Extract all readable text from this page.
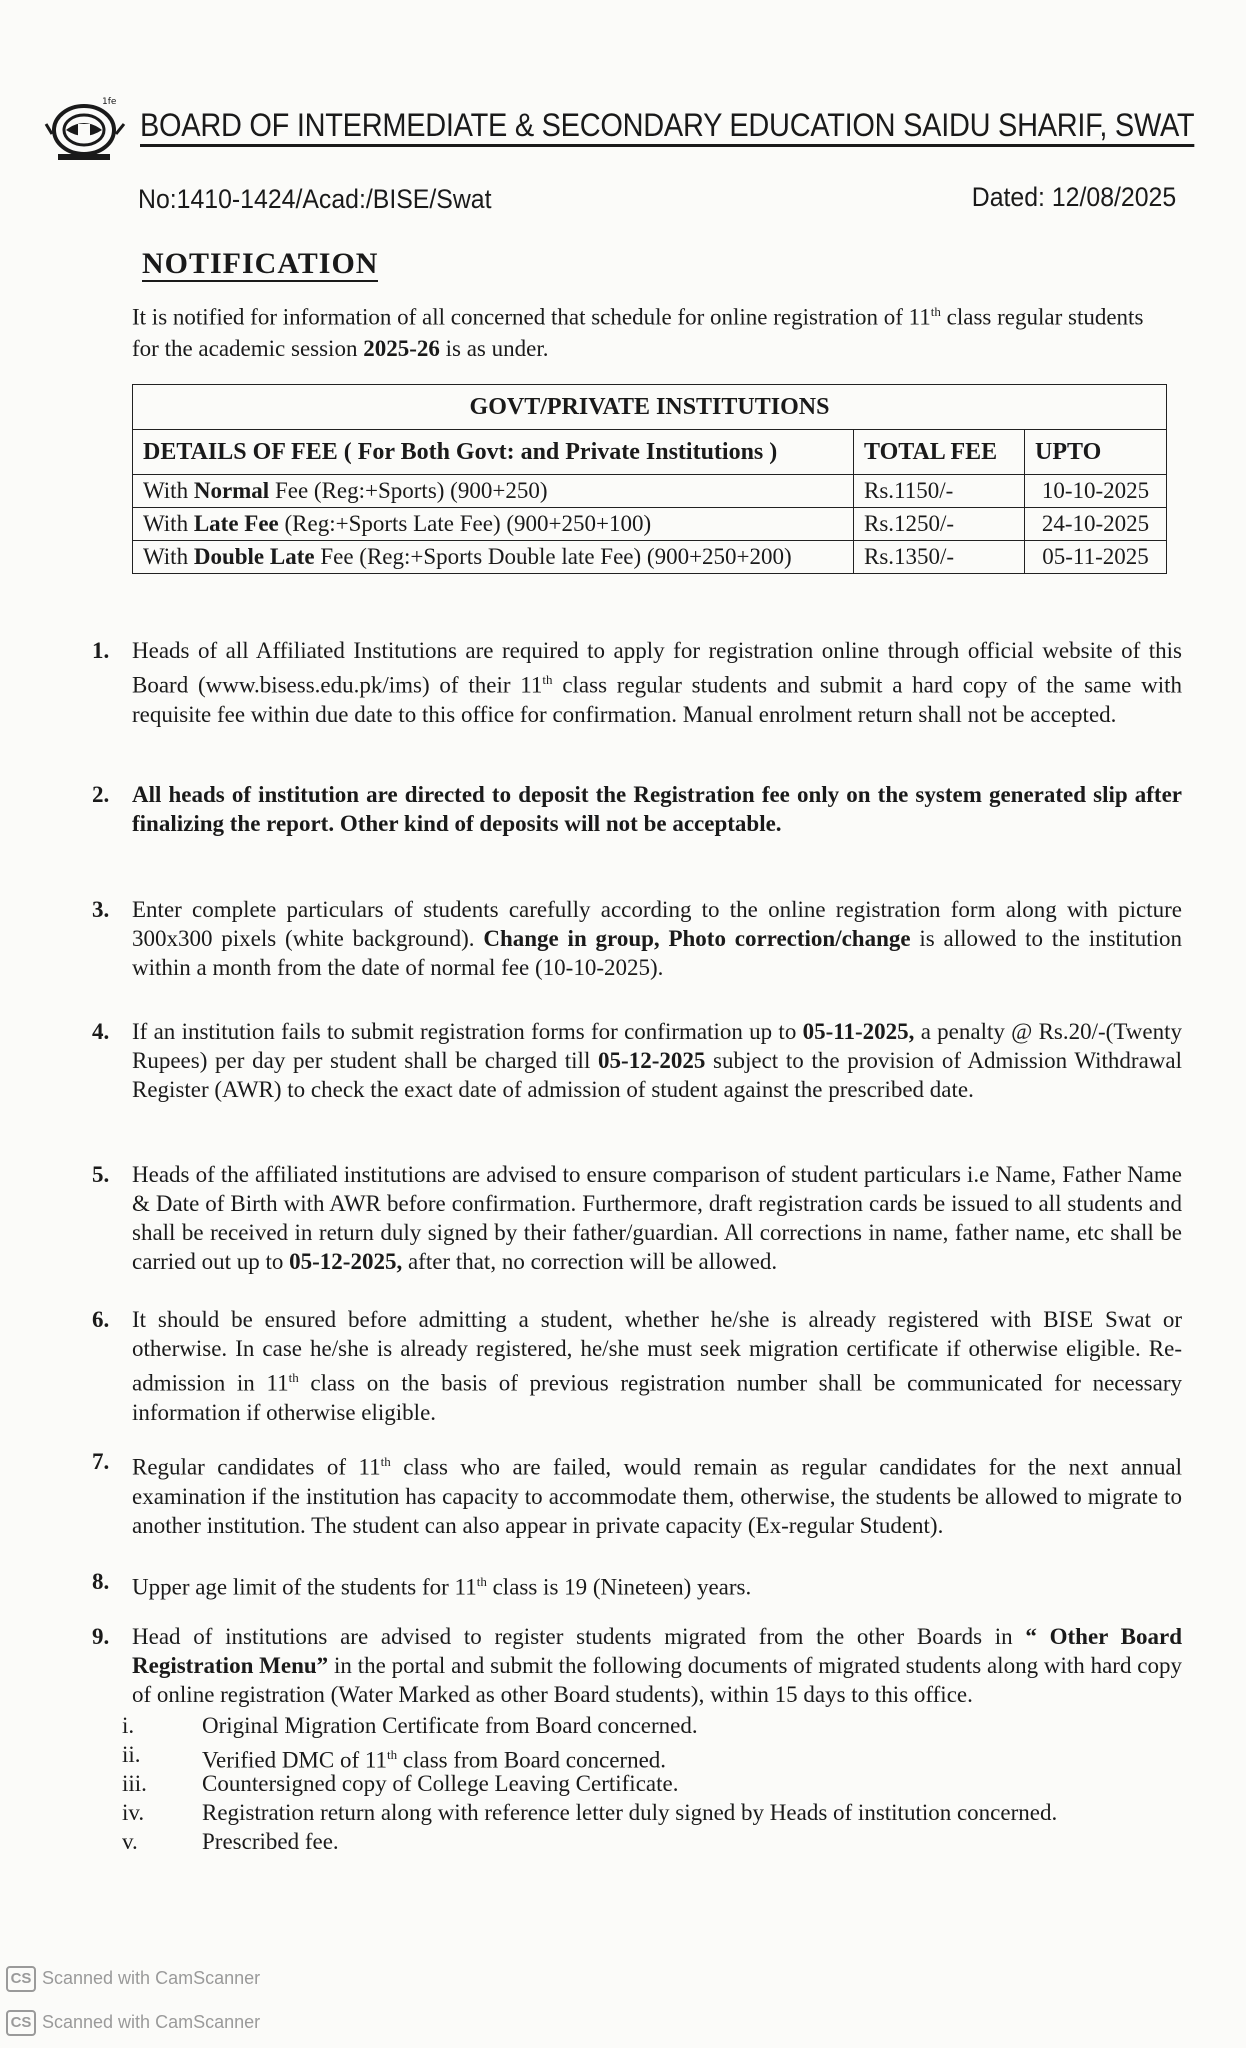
1fe
BOARD OF INTERMEDIATE & SECONDARY EDUCATION SAIDU SHARIF, SWAT
No:1410-1424/Acad:/BISE/Swat	Dated: 12/08/2025
NOTIFICATION
It is notified for information of all concerned that schedule for online registration of 11th class regular students for the academic session 2025-26 is as under.
GOVT/PRIVATE INSTITUTIONS		
DETAILS OF FEE ( For Both Govt: and Private Institutions )	TOTAL FEE	UPTO
With Normal Fee (Reg:+Sports) (900+250)	Rs.1150/-	10-10-2025
With Late Fee (Reg:+Sports Late Fee) (900+250+100)	Rs.1250/-	24-10-2025
With Double Late Fee (Reg:+Sports Double late Fee) (900+250+200)	Rs.1350/-	05-11-2025
1. Heads of all Affiliated Institutions are required to apply for registration online through official website of this Board (www.bisess.edu.pk/ims) of their 11th class regular students and submit a hard copy of the same with requisite fee within due date to this office for confirmation. Manual enrolment return shall not be accepted.
2. All heads of institution are directed to deposit the Registration fee only on the system generated slip after finalizing the report. Other kind of deposits will not be acceptable.
3. Enter complete particulars of students carefully according to the online registration form along with picture 300x300 pixels (white background). Change in group, Photo correction/change is allowed to the institution within a month from the date of normal fee (10-10-2025).
4. If an institution fails to submit registration forms for confirmation up to 05-11-2025, a penalty @ Rs.20/-(Twenty Rupees) per day per student shall be charged till 05-12-2025 subject to the provision of Admission Withdrawal Register (AWR) to check the exact date of admission of student against the prescribed date.
5. Heads of the affiliated institutions are advised to ensure comparison of student particulars i.e Name, Father Name & Date of Birth with AWR before confirmation. Furthermore, draft registration cards be issued to all students and shall be received in return duly signed by their father/guardian. All corrections in name, father name, etc shall be carried out up to 05-12-2025, after that, no correction will be allowed.
6. It should be ensured before admitting a student, whether he/she is already registered with BISE Swat or otherwise. In case he/she is already registered, he/she must seek migration certificate if otherwise eligible. Re-admission in 11th class on the basis of previous registration number shall be communicated for necessary information if otherwise eligible.
7. Regular candidates of 11th class who are failed, would remain as regular candidates for the next annual examination if the institution has capacity to accommodate them, otherwise, the students be allowed to migrate to another institution. The student can also appear in private capacity (Ex-regular Student).
8. Upper age limit of the students for 11th class is 19 (Nineteen) years.
9. Head of institutions are advised to register students migrated from the other Boards in “ Other Board Registration Menu” in the portal and submit the following documents of migrated students along with hard copy of online registration (Water Marked as other Board students), within 15 days to this office.
i.	Original Migration Certificate from Board concerned.
ii.	Verified DMC of 11th class from Board concerned.
iii. Countersigned copy of College Leaving Certificate.
iv.	Registration return along with reference letter duly signed by Heads of institution concerned.
v.	Prescribed fee.
CS Scanned with CamScanner
CS Scanned with CamScanner
